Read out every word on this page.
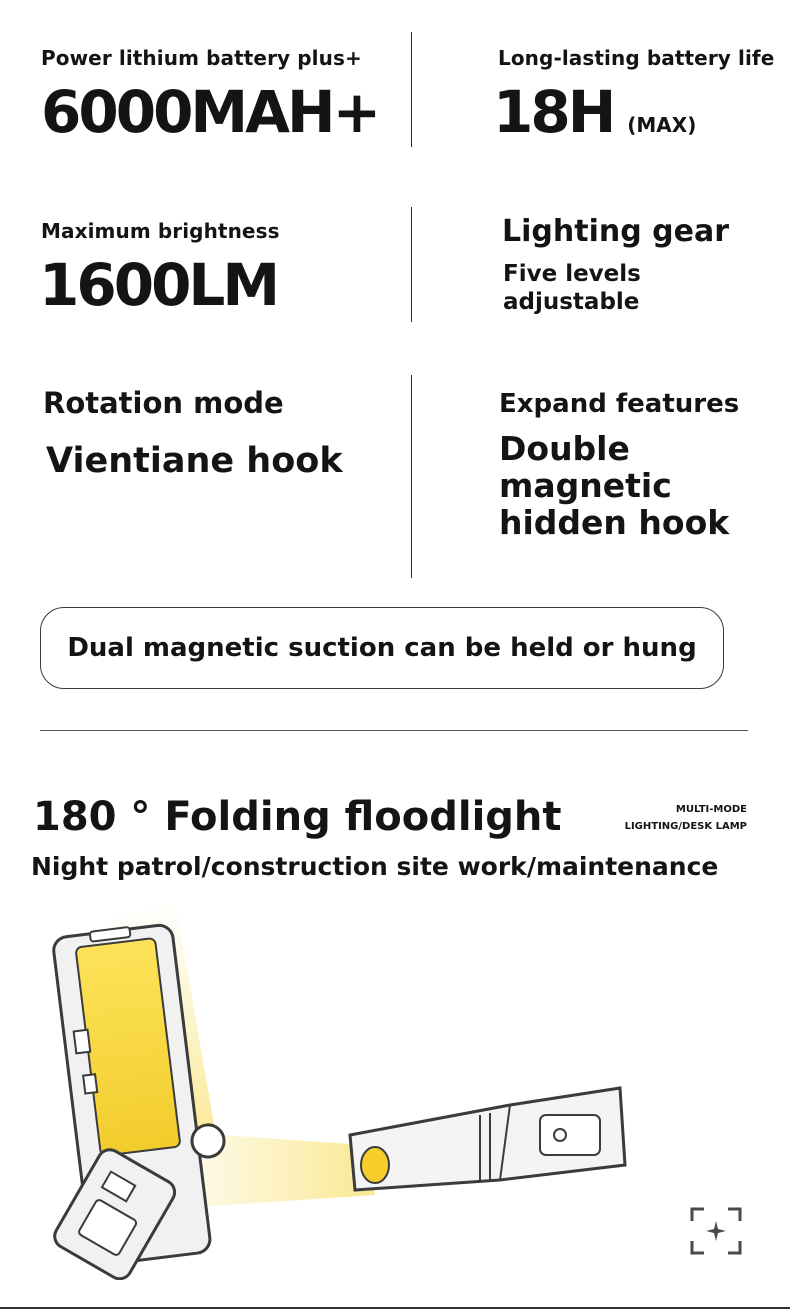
Power lithium battery plus+
6000MAH+
Long-lasting battery life
18H (MAX)
Maximum brightness
1600LM
Lighting gear
Five levels
adjustable
Rotation mode
Vientiane hook
Expand features
Double
magnetic
hidden hook
Dual magnetic suction can be held or hung
180 ° Folding floodlight	MULTI-MODE
LIGHTING/DESK LAMP
Night patrol/construction site work/maintenance
